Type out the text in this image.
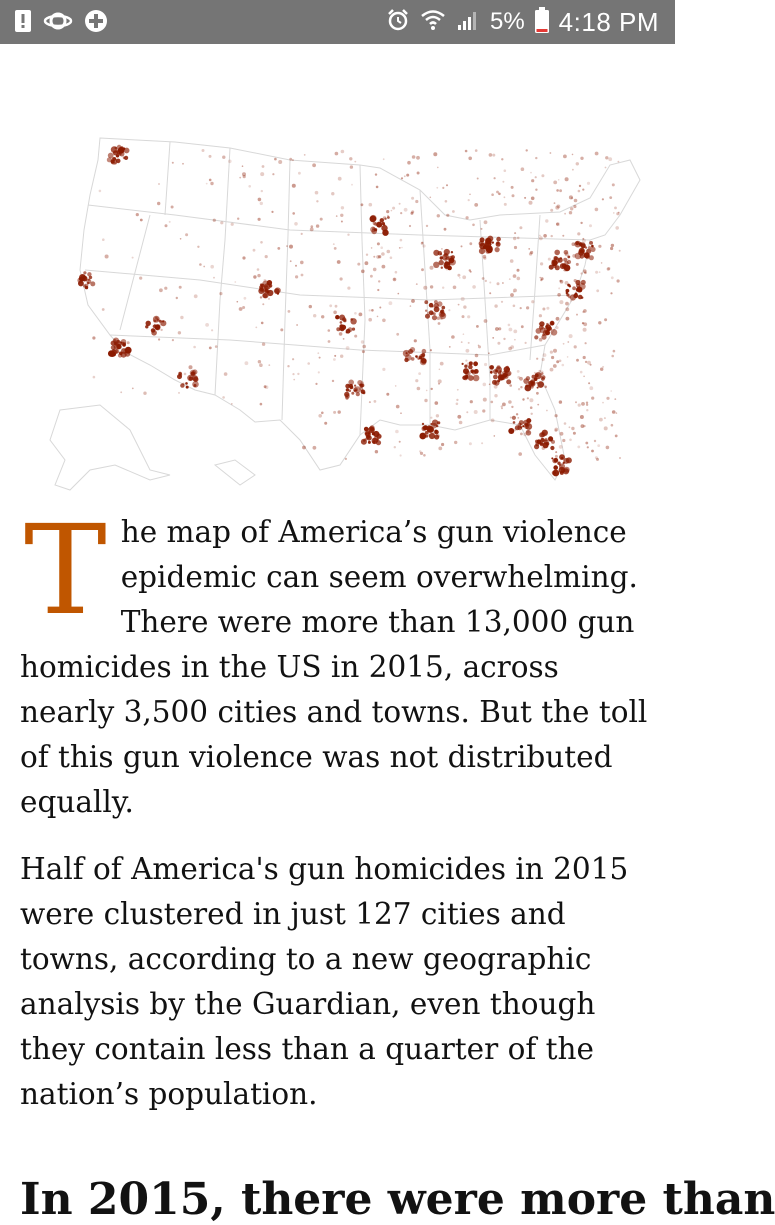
5% 4:18 PM

The map of America’s gun violence epidemic can seem overwhelming. There were more than 13,000 gun homicides in the US in 2015, across nearly 3,500 cities and towns. But the toll of this gun violence was not distributed equally.

Half of America's gun homicides in 2015 were clustered in just 127 cities and towns, according to a new geographic analysis by the Guardian, even though they contain less than a quarter of the nation’s population.

In 2015, there were more than
